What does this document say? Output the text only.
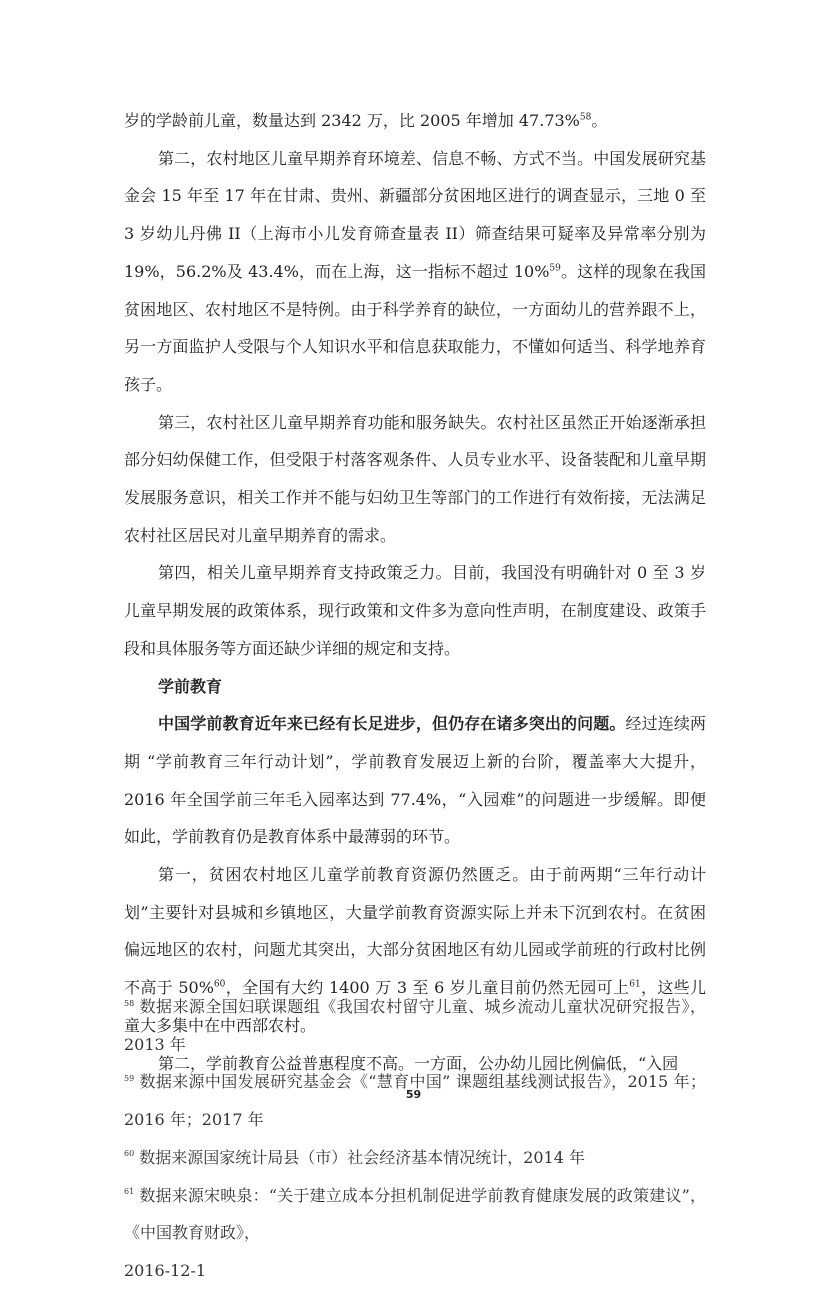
岁的学龄前儿童，数量达到 2342 万，比 2005 年增加 47.73%$^{58}$。

第二，农村地区儿童早期养育环境差、信息不畅、方式不当。中国发展研究基金会 15 年至 17 年在甘肃、贵州、新疆部分贫困地区进行的调查显示，三地 0 至 3 岁幼儿丹佛 II（上海市小儿发育筛查量表 II）筛查结果可疑率及异常率分别为 19%，56.2%及 43.4%，而在上海，这一指标不超过 10%$^{59}$。这样的现象在我国贫困地区、农村地区不是特例。由于科学养育的缺位，一方面幼儿的营养跟不上，另一方面监护人受限与个人知识水平和信息获取能力，不懂如何适当、科学地养育孩子。

第三，农村社区儿童早期养育功能和服务缺失。农村社区虽然正开始逐渐承担部分妇幼保健工作，但受限于村落客观条件、人员专业水平、设备装配和儿童早期发展服务意识，相关工作并不能与妇幼卫生等部门的工作进行有效衔接，无法满足农村社区居民对儿童早期养育的需求。

第四，相关儿童早期养育支持政策乏力。目前，我国没有明确针对 0 至 3 岁儿童早期发展的政策体系，现行政策和文件多为意向性声明，在制度建设、政策手段和具体服务等方面还缺少详细的规定和支持。

学前教育

中国学前教育近年来已经有长足进步，但仍存在诸多突出的问题。经过连续两期 “学前教育三年行动计划”，学前教育发展迈上新的台阶，覆盖率大大提升，2016 年全国学前三年毛入园率达到 77.4%，“入园难”的问题进一步缓解。即便如此，学前教育仍是教育体系中最薄弱的环节。

第一，贫困农村地区儿童学前教育资源仍然匮乏。由于前两期“三年行动计划”主要针对县城和乡镇地区，大量学前教育资源实际上并未下沉到农村。在贫困偏远地区的农村，问题尤其突出，大部分贫困地区有幼儿园或学前班的行政村比例不高于 50%$^{60}$，全国有大约 1400 万 3 至 6 岁儿童目前仍然无园可上$^{61}$，这些儿童大多集中在中西部农村。

第二，学前教育公益普惠程度不高。一方面，公办幼儿园比例偏低，“入园

$^{58}$ 数据来源全国妇联课题组《我国农村留守儿童、城乡流动儿童状况研究报告》，2013 年

$^{59}$ 数据来源中国发展研究基金会《“慧育中国” 课题组基线测试报告》，2015 年；2016 年；2017 年

$^{60}$ 数据来源国家统计局县（市）社会经济基本情况统计，2014 年

$^{61}$ 数据来源宋映泉：“关于建立成本分担机制促进学前教育健康发展的政策建议”，《中国教育财政》，

2016-12-1

59
